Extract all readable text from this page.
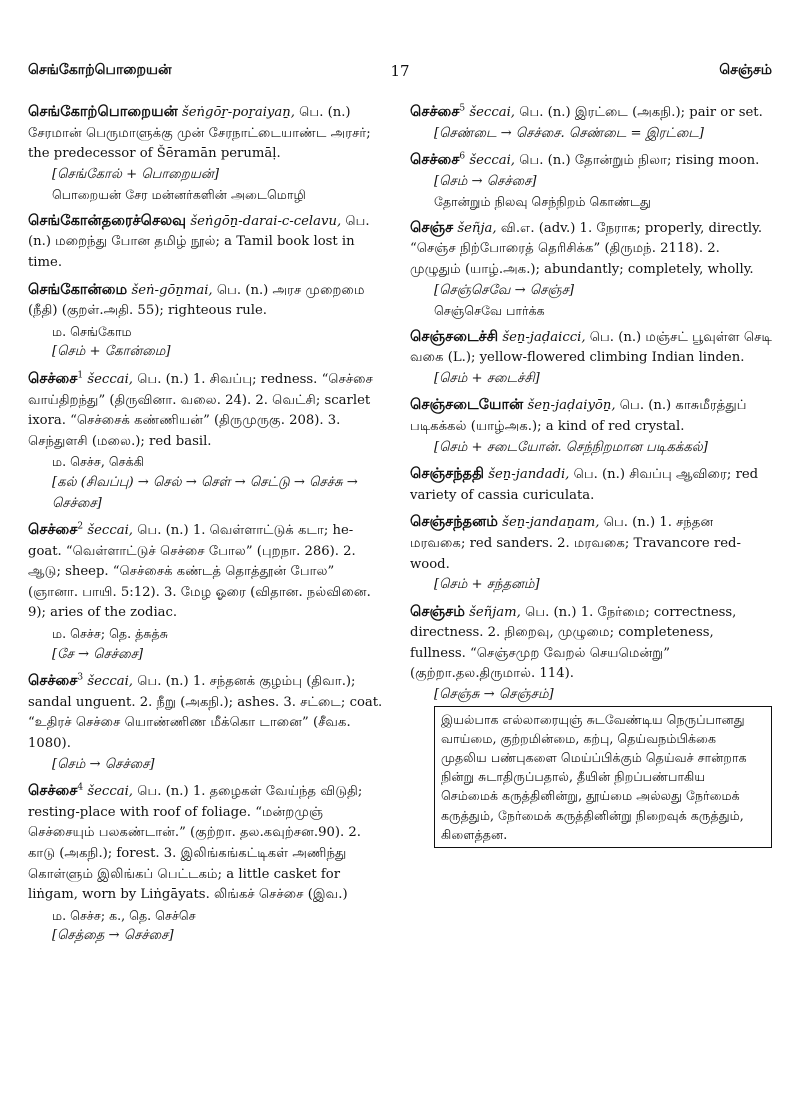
செங்கோற்பொறையன்	17	செஞ்சம்
செங்கோற்பொறையன் šeṅgōṟ-poṟaiyaṉ, பெ. (n.) சேரமான் பெருமாளுக்கு முன் சேரநாட்டையாண்ட அரசர்; the predecessor of Šēramān perumāḷ.
[செங்கோல் + பொறையன்]
பொறையன் சேர மன்னர்களின் அடைமொழி
செங்கோன்தரைச்செலவு šeṅgōṉ-darai-c-celavu, பெ. (n.) மறைந்து போன தமிழ் நூல்; a Tamil book lost in time.
செங்கோன்மை šeṅ-gōṉmai, பெ. (n.) அரச முறைமை (நீதி) (குறள்.அதி. 55); righteous rule.
ம. செங்கோம
[செம் + கோன்மை]
செச்சை$^1$ šeccai, பெ. (n.) 1. சிவப்பு; redness. “செச்சை வாய்திறந்து” (திருவினா. வலை. 24). 2. வெட்சி; scarlet ixora. “செச்சைக் கண்ணியன்” (திருமுருகு. 208). 3. செந்துளசி (மலை.); red basil.
ம. செச்ச, செக்கி
[கல் (சிவப்பு) → செல் → செள் → செட்டு → செச்சு → செச்சை]
செச்சை$^2$ šeccai, பெ. (n.) 1. வெள்ளாட்டுக் கடா; he-goat. “வெள்ளாட்டுச் செச்சை போல” (புறநா. 286). 2. ஆடு; sheep. “செச்சைக் கண்டத் தொத்தூன் போல” (ஞானா. பாயி. 5:12). 3. மேழ ஓரை (விதான. நல்வினை. 9); aries of the zodiac.
ம. செச்ச; தெ. த்சுத்சு
[சே → செச்சை]
செச்சை$^3$ šeccai, பெ. (n.) 1. சந்தனக் குழம்பு (திவா.); sandal unguent. 2. நீறு (அகநி.); ashes. 3. சட்டை; coat. “உதிரச் செச்சை யொண்ணிண மீக்கொ டானை” (சீவக. 1080).
[செம் → செச்சை]
செச்சை$^4$ šeccai, பெ. (n.) 1. தழைகள் வேய்ந்த விடுதி; resting-place with roof of foliage. “மன்றமுஞ் செச்சையும் பலகண்டான்.” (குற்றா. தல.கவுற்சன.90). 2. காடு (அகநி.); forest. 3. இலிங்கங்கட்டிகள் அணிந்து கொள்ளும் இலிங்கப் பெட்டகம்; a little casket for liṅgam, worn by Liṅgāyats. லிங்கச் செச்சை (இவ.)
ம. செச்ச; க., தெ. செச்செ
[செத்தை → செச்சை]
செச்சை$^5$ šeccai, பெ. (n.) இரட்டை (அகநி.); pair or set.
[செண்டை → செச்சை. செண்டை = இரட்டை]
செச்சை$^6$ šeccai, பெ. (n.) தோன்றும் நிலா; rising moon.
[செம் → செச்சை]
தோன்றும் நிலவு செந்நிறம் கொண்டது
செஞ்ச šeñja, வி.எ. (adv.) 1. நேராக; properly, directly. “செஞ்ச நிற்போரைத் தெரிசிக்க” (திருமந். 2118). 2. முழுதும் (யாழ்.அக.); abundantly; completely, wholly.
[செஞ்செவே → செஞ்ச]
செஞ்செவே பார்க்க
செஞ்சடைச்சி šeṉ-jaḍaicci, பெ. (n.) மஞ்சட் பூவுள்ள செடி வகை (L.); yellow-flowered climbing Indian linden.
[செம் + சடைச்சி]
செஞ்சடையோன் šeṉ-jaḍaiyōṉ, பெ. (n.) காசுமீரத்துப் படிகக்கல் (யாழ்அக.); a kind of red crystal.
[செம் + சடையோன். செந்நிறமான படிகக்கல்]
செஞ்சந்ததி šeṉ-jandadi, பெ. (n.) சிவப்பு ஆவிரை; red variety of cassia curiculata.
செஞ்சந்தனம் šeṉ-jandaṉam, பெ. (n.) 1. சந்தன மரவகை; red sanders. 2. மரவகை; Travancore red-wood.
[செம் + சந்தனம்]
செஞ்சம் šeñjam, பெ. (n.) 1. நேர்மை; correctness, directness. 2. நிறைவு, முழுமை; completeness, fullness. “செஞ்சமுற வேறல் செயமென்று” (குற்றா.தல.திருமால். 114).
[செஞ்சு → செஞ்சம்]
இயல்பாக எல்லாரையுஞ் சுடவேண்டிய நெருப்பானது வாய்மை, குற்றமின்மை, கற்பு, தெய்வநம்பிக்கை முதலிய பண்புகளை மெய்ப்பிக்கும் தெய்வச் சான்றாக நின்று சுடாதிருப்பதால், தீயின் நிறப்பண்பாகிய செம்மைக் கருத்தினின்று, தூய்மை அல்லது நேர்மைக் கருத்தும், நேர்மைக் கருத்தினின்று நிறைவுக் கருத்தும், கிளைத்தன.
